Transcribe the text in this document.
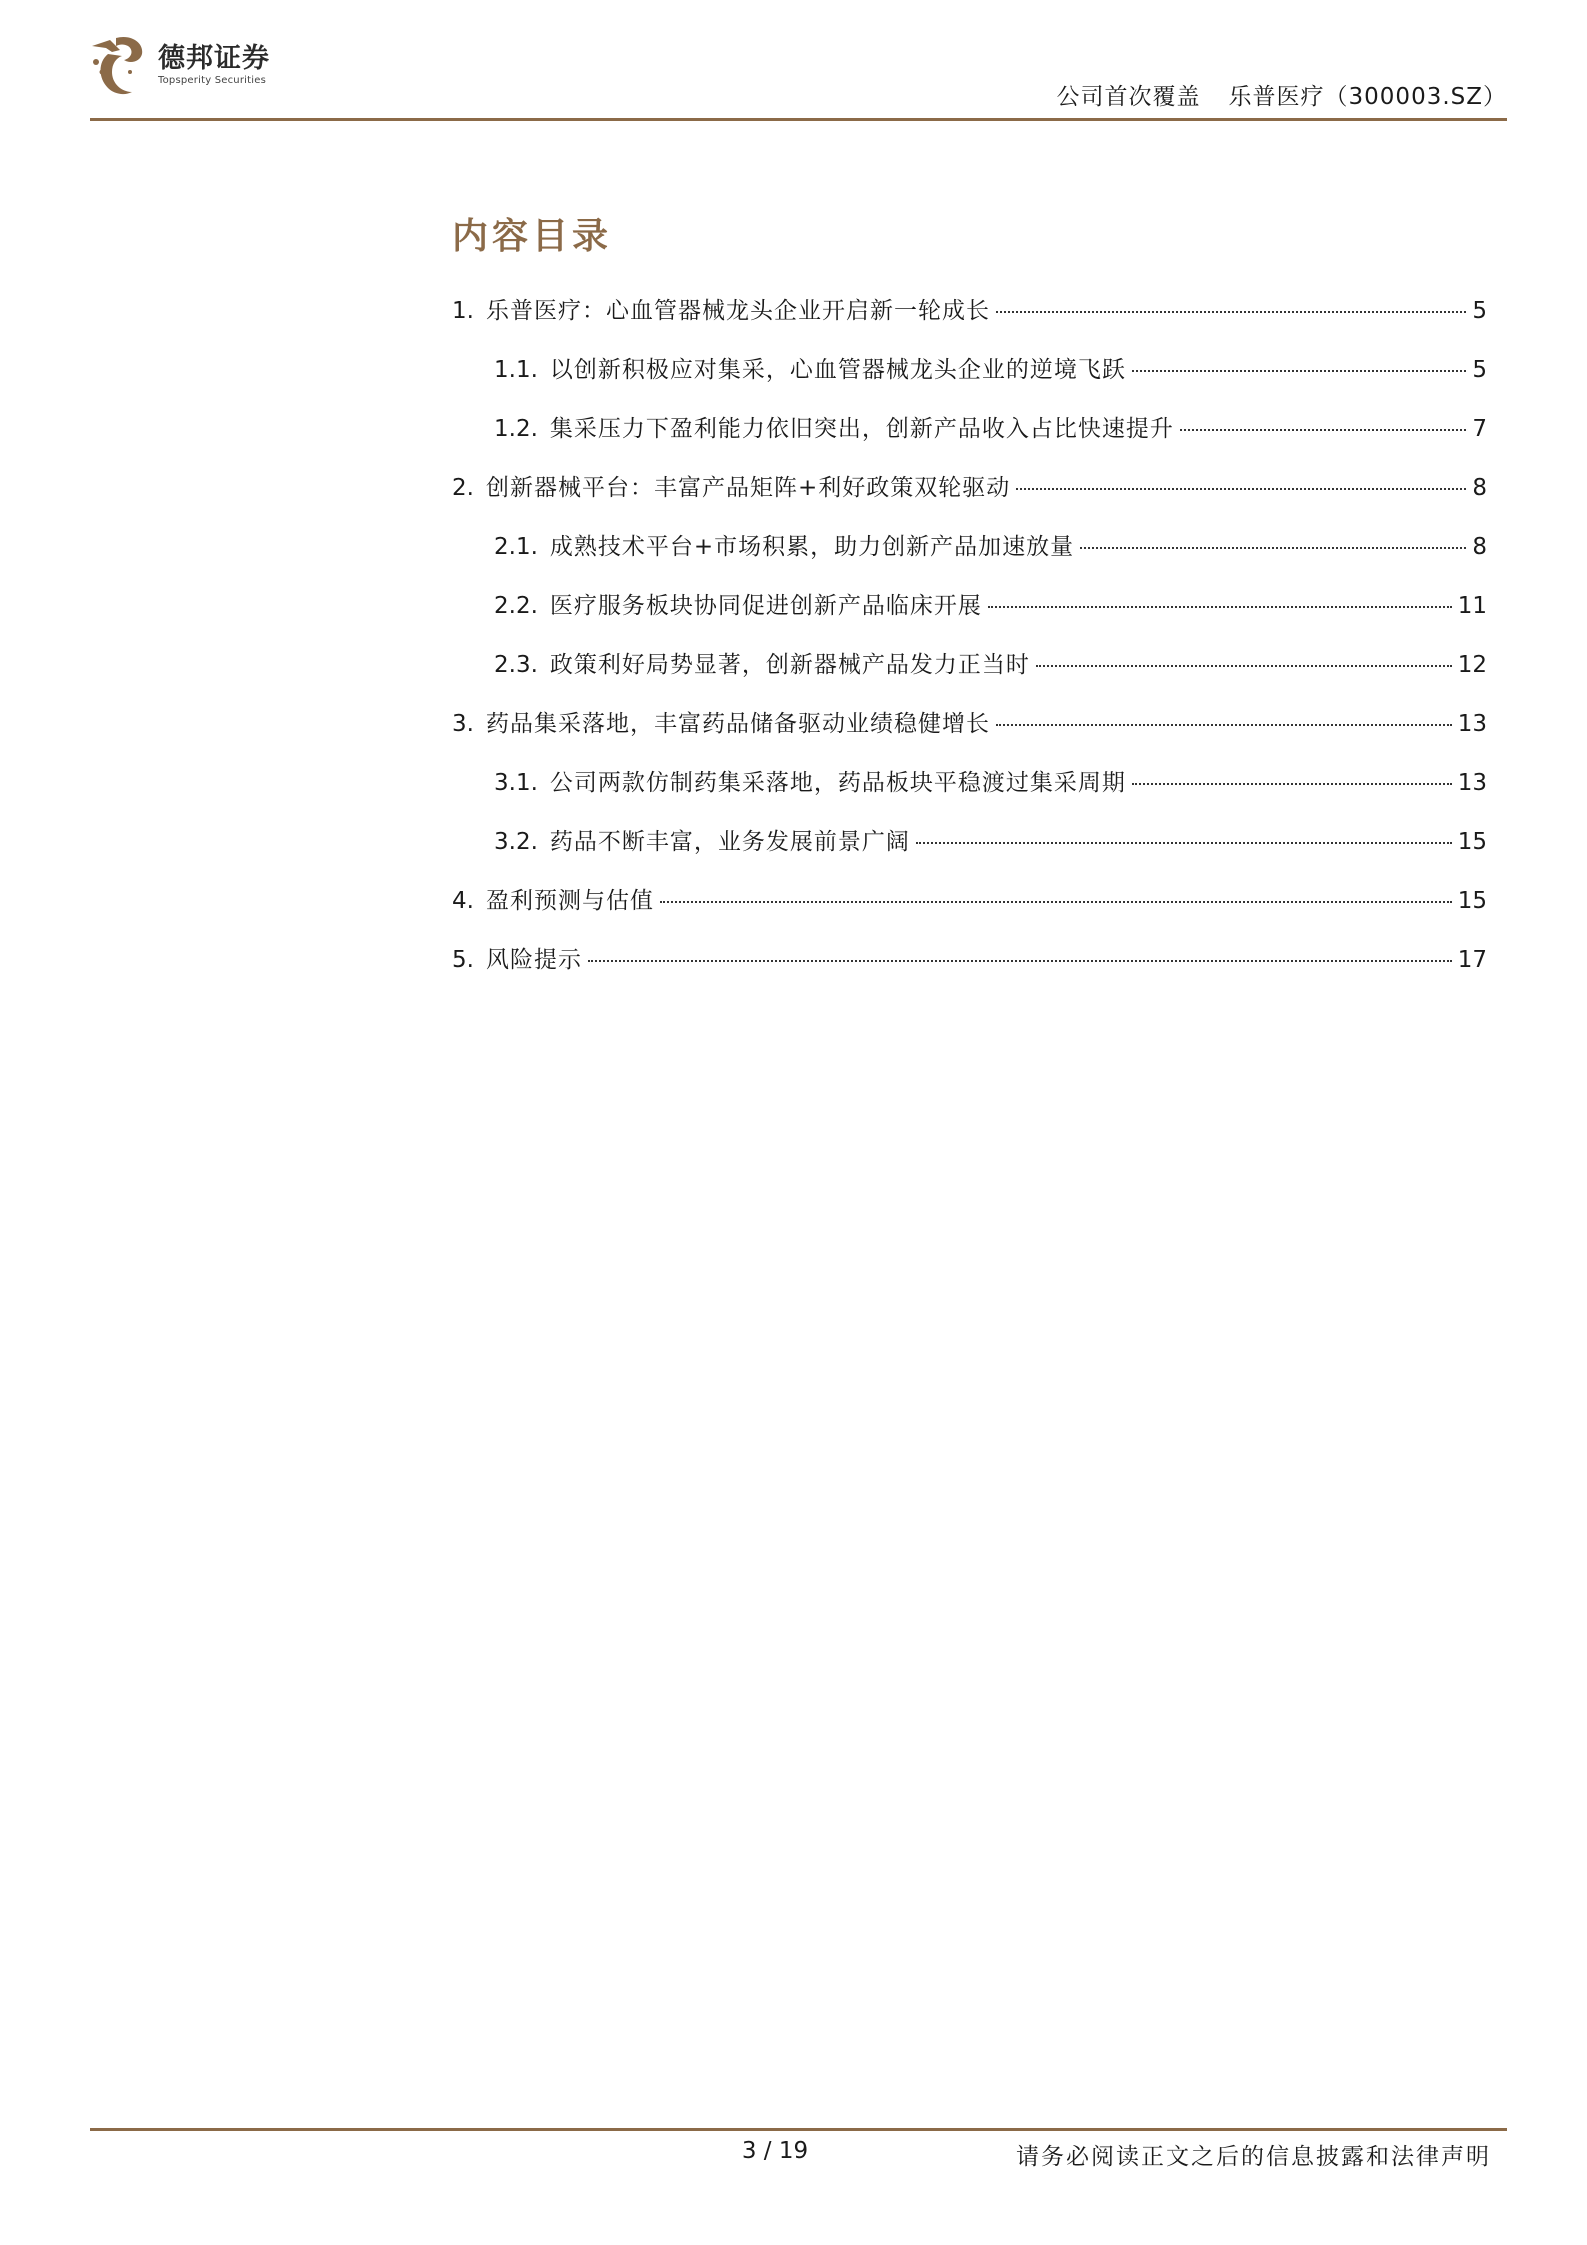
德邦证券
Topsperity Securities
公司首次覆盖 乐普医疗（300003.SZ）
内容目录
1. 乐普医疗：心血管器械龙头企业开启新一轮成长	5
1.1. 以创新积极应对集采，心血管器械龙头企业的逆境飞跃	5
1.2. 集采压力下盈利能力依旧突出，创新产品收入占比快速提升	7
2. 创新器械平台：丰富产品矩阵+利好政策双轮驱动	8
2.1. 成熟技术平台+市场积累，助力创新产品加速放量	8
2.2. 医疗服务板块协同促进创新产品临床开展	11
2.3. 政策利好局势显著，创新器械产品发力正当时	12
3. 药品集采落地，丰富药品储备驱动业绩稳健增长	13
3.1. 公司两款仿制药集采落地，药品板块平稳渡过集采周期	13
3.2. 药品不断丰富，业务发展前景广阔	15
4. 盈利预测与估值	15
5. 风险提示	17
3 / 19	请务必阅读正文之后的信息披露和法律声明
